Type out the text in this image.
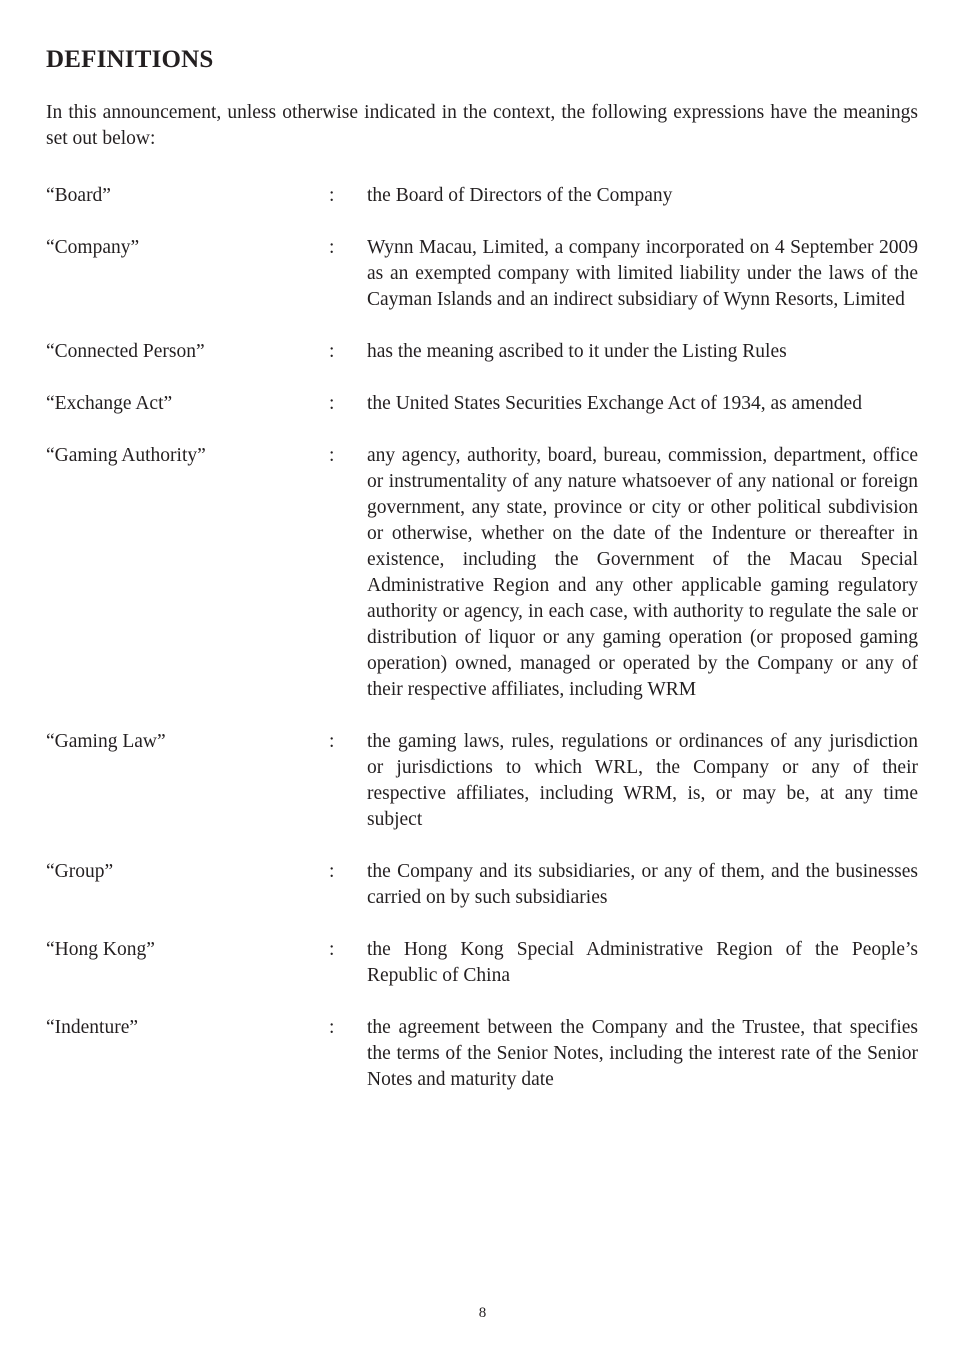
DEFINITIONS

In this announcement, unless otherwise indicated in the context, the following expressions have the meanings set out below:

“Board”	:	the Board of Directors of the Company
“Company”	:	Wynn Macau, Limited, a company incorporated on 4 September 2009 as an exempted company with limited liability under the laws of the Cayman Islands and an indirect subsidiary of Wynn Resorts, Limited
“Connected Person”	:	has the meaning ascribed to it under the Listing Rules
“Exchange Act”	:	the United States Securities Exchange Act of 1934, as amended
“Gaming Authority”	:	any agency, authority, board, bureau, commission, department, office or instrumentality of any nature whatsoever of any national or foreign government, any state, province or city or other political subdivision or otherwise, whether on the date of the Indenture or thereafter in existence, including the Government of the Macau Special Administrative Region and any other applicable gaming regulatory authority or agency, in each case, with authority to regulate the sale or distribution of liquor or any gaming operation (or proposed gaming operation) owned, managed or operated by the Company or any of their respective affiliates, including WRM
“Gaming Law”	:	the gaming laws, rules, regulations or ordinances of any jurisdiction or jurisdictions to which WRL, the Company or any of their respective affiliates, including WRM, is, or may be, at any time subject
“Group”	:	the Company and its subsidiaries, or any of them, and the businesses carried on by such subsidiaries
“Hong Kong”	:	the Hong Kong Special Administrative Region of the People’s Republic of China
“Indenture”	:	the agreement between the Company and the Trustee, that specifies the terms of the Senior Notes, including the interest rate of the Senior Notes and maturity date
8
